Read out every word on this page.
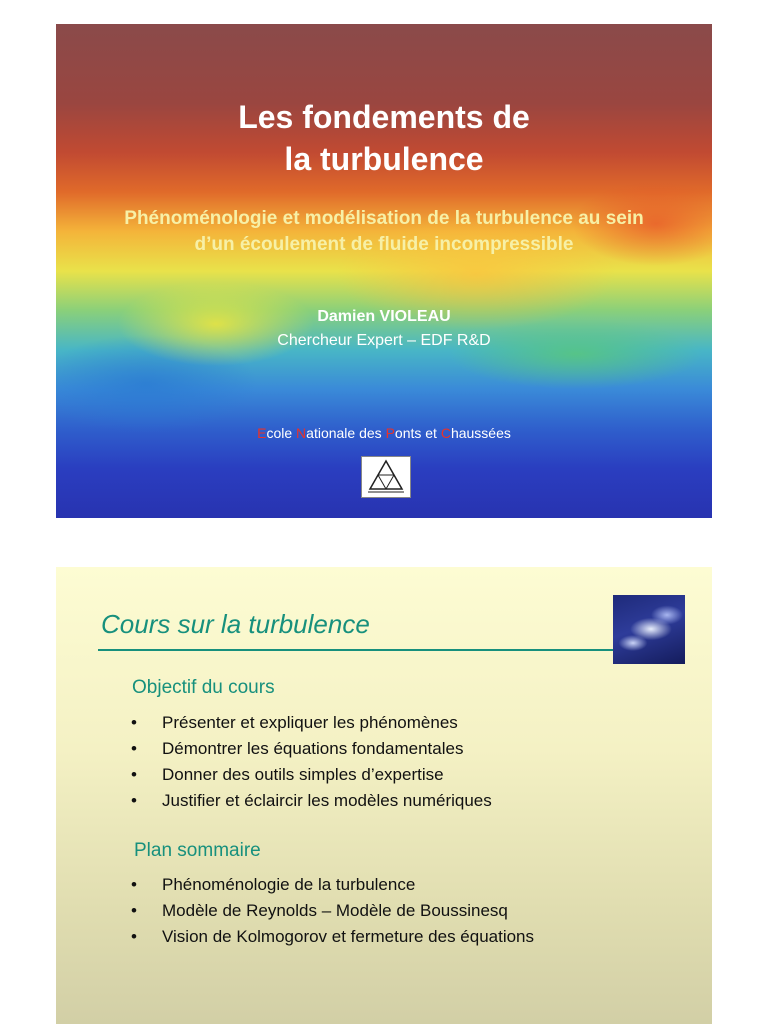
Les fondements de
la turbulence
Phénoménologie et modélisation de la turbulence au sein d’un écoulement de fluide incompressible
Damien VIOLEAU
Chercheur Expert – EDF R&D
Ecole Nationale des Ponts et Chaussées
Cours sur la turbulence
Objectif du cours
• Présenter et expliquer les phénomènes
• Démontrer les équations fondamentales
• Donner des outils simples d’expertise
• Justifier et éclaircir les modèles numériques
Plan sommaire
• Phénoménologie de la turbulence
• Modèle de Reynolds – Modèle de Boussinesq
• Vision de Kolmogorov et fermeture des équations
